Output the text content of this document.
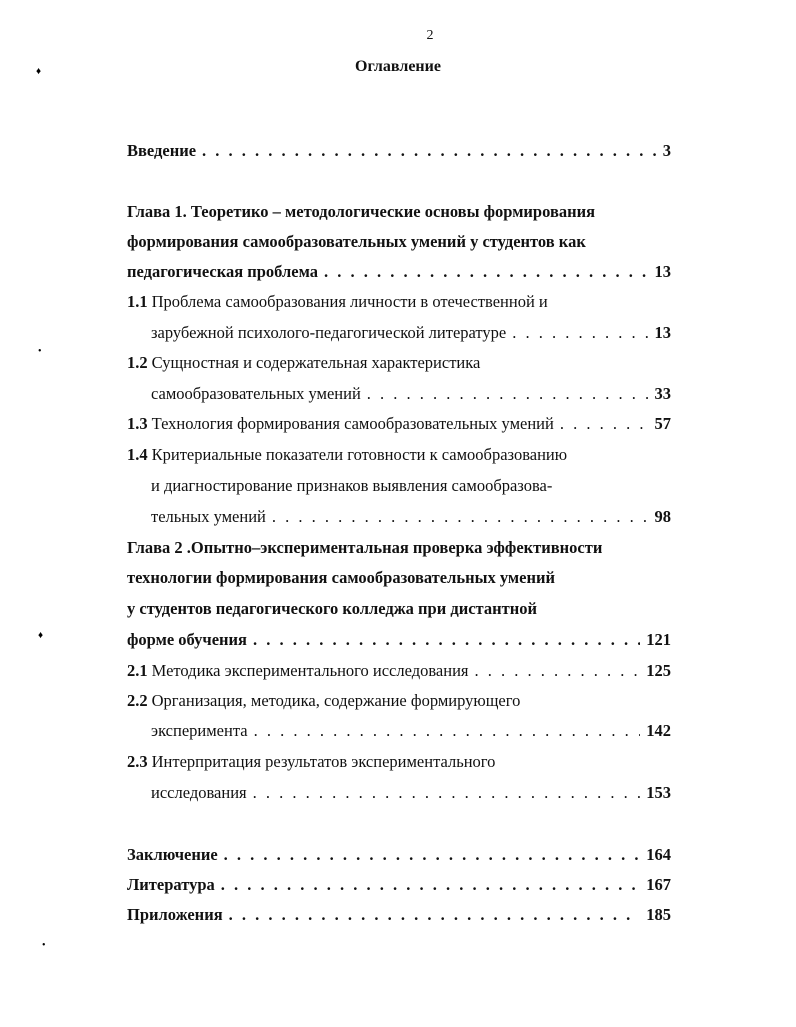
2
Оглавление
♦
•
♦
•
Введение . . .	3
Глава 1. Теоретико – методологические основы формирования
формирования самообразовательных умений у студентов как
педагогическая проблема . . .	13
1.1 Проблема самообразования личности в отечественной и
зарубежной психолого-педагогической литературе . . .	13
1.2 Сущностная и содержательная характеристика
самообразовательных умений . . .	33
1.3 Технология формирования самообразовательных умений . . .	57
1.4 Критериальные показатели готовности к самообразованию
и диагностирование признаков выявления самообразова-
тельных умений . . .	98
Глава 2 .Опытно–экспериментальная проверка эффективности
технологии формирования самообразовательных умений
у студентов педагогического колледжа при дистантной
форме обучения . . .	121
2.1 Методика экспериментального исследования . . .	125
2.2 Организация, методика, содержание формирующего
эксперимента . . .	142
2.3 Интерпритация результатов экспериментального
исследования . . .	153
Заключение . . .	164
Литература . . .	167
Приложения . . .	185
